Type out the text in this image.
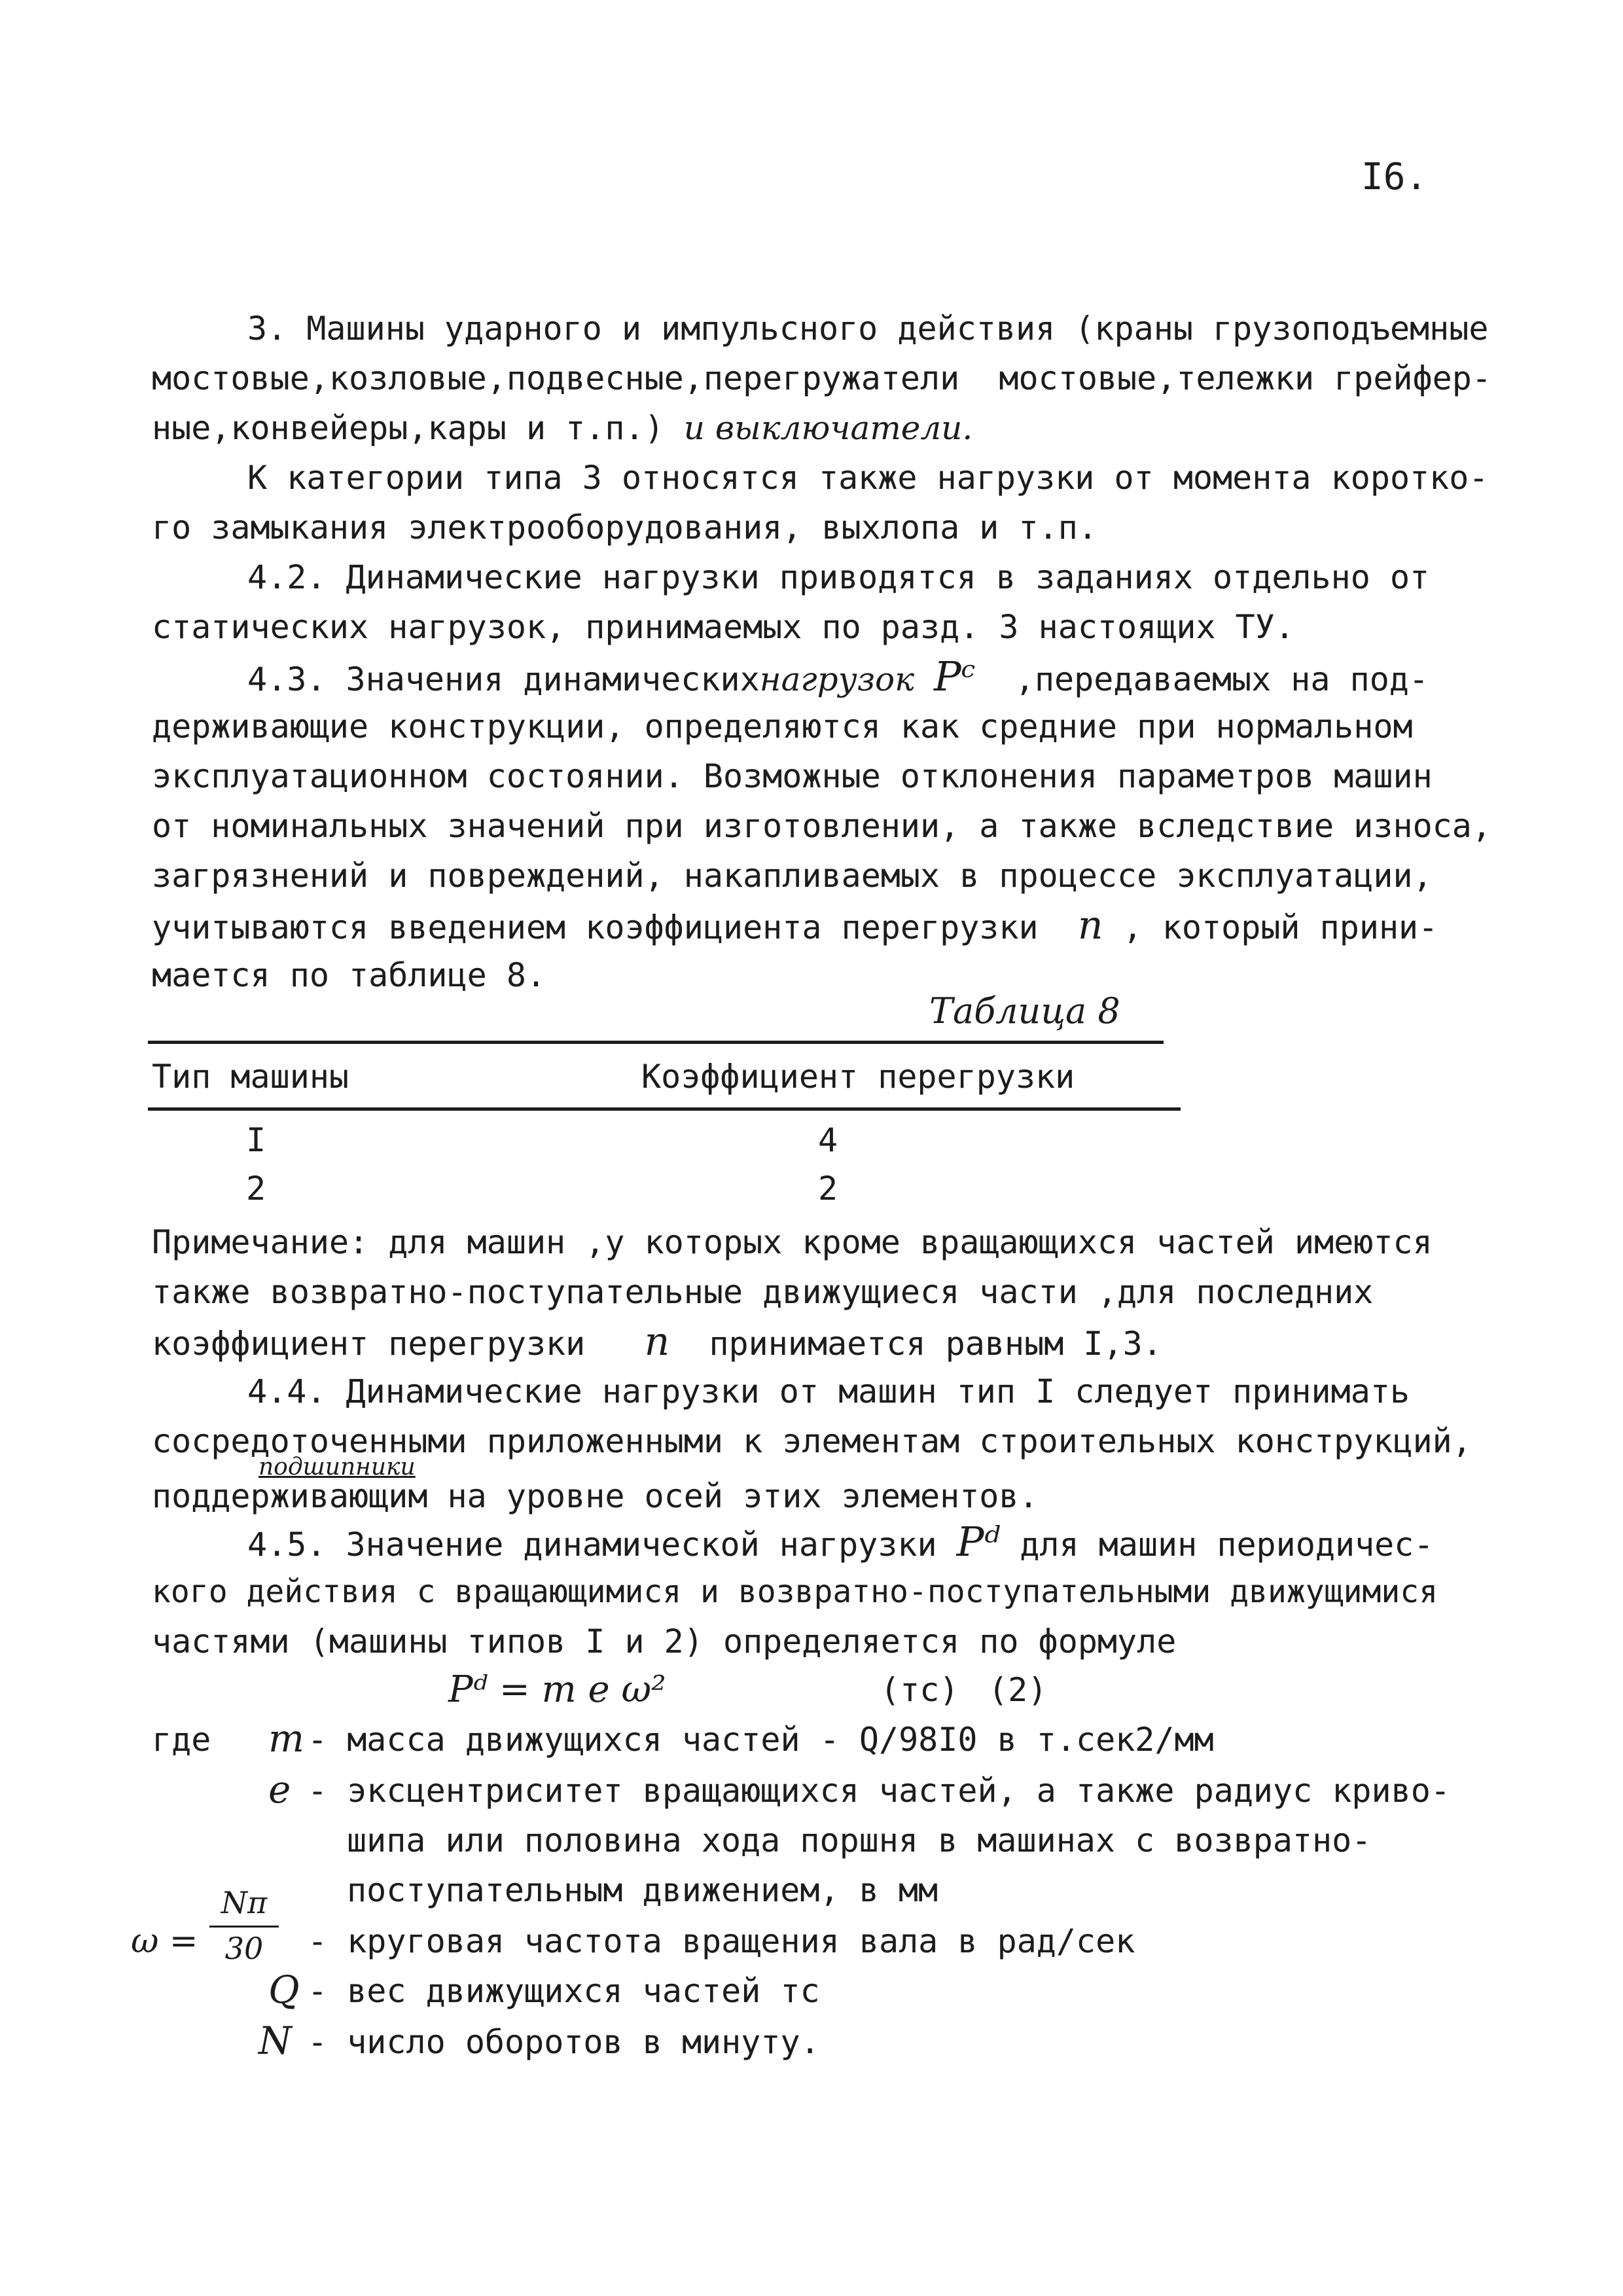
I6.
3. Машины ударного и импульсного действия (краны грузоподъемные
мостовые,козловые,подвесные,перегружатели  мостовые,тележки грейфер-
ные,конвейеры,кары и т.п.) и выключатели.
К категории типа 3 относятся также нагрузки от момента коротко-
го замыкания электрооборудования, выхлопа и т.п.
4.2. Динамические нагрузки приводятся в заданиях отдельно от
статических нагрузок, принимаемых по разд. 3 настоящих ТУ.
4.3. Значения динамическихнагрузок Pᶜ ,передаваемых на под-
держивающие конструкции, определяются как средние при нормальном
эксплуатационном состоянии. Возможные отклонения параметров машин
от номинальных значений при изготовлении, а также вследствие износа,
загрязнений и повреждений, накапливаемых в процессе эксплуатации,
учитываются введением коэффициента перегрузки n , который прини-
мается по таблице 8.
Таблица 8
Тип машины	Коэффициент перегрузки
I	4
2	2
Примечание: для машин ,у которых кроме вращающихся частей имеются
также возвратно-поступательные движущиеся части ,для последних
коэффициент перегрузки n принимается равным I,3.
4.4. Динамические нагрузки от машин тип I следует принимать
сосредоточенными приложенными к элементам строительных конструкций,
подшипники
поддерживающим на уровне осей этих элементов.
4.5. Значение динамической нагрузки Pᵈ для машин периодичес-
кого действия с вращающимися и возвратно-поступательными движущимися
частями (машины типов I и 2) определяется по формуле
Pᵈ = m e ω²	(тс) (2)
где m - масса движущихся частей - Q/98I0 в т.сек2/мм
e - эксцентриситет вращающихся частей, а также радиус криво-
шипа или половина хода поршня в машинах с возвратно-
поступательным движением, в мм
ω =
Nπ
30	- круговая частота вращения вала в рад/сек
Q - вес движущихся частей тс
N - число оборотов в минуту.
